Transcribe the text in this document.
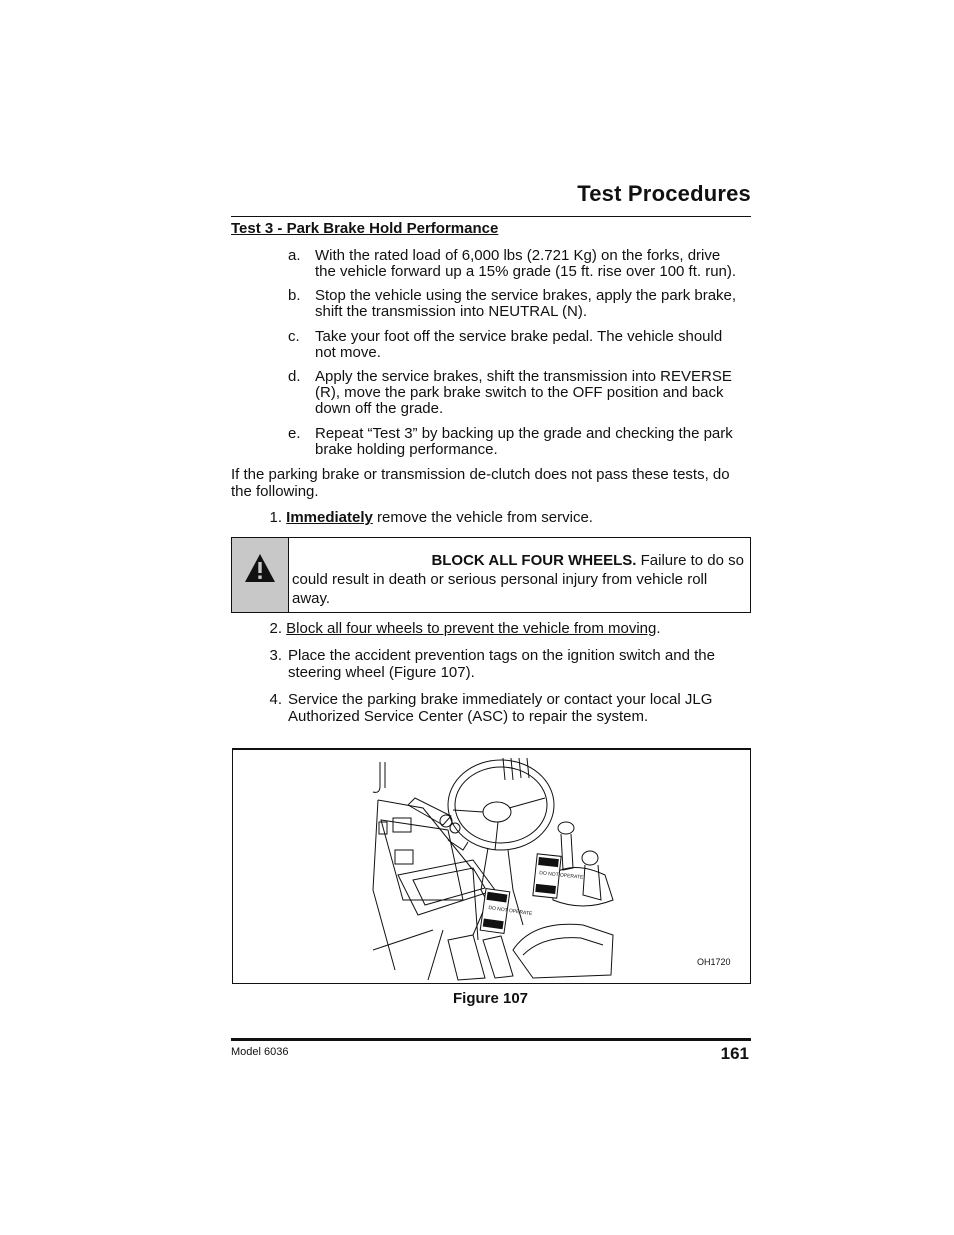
Test Procedures
Test 3 - Park Brake Hold Performance
a. With the rated load of 6,000 lbs (2.721 Kg) on the forks, drive
the vehicle forward up a 15% grade (15 ft. rise over 100 ft. run).
b. Stop the vehicle using the service brakes, apply the park brake,
shift the transmission into NEUTRAL (N).
c. Take your foot off the service brake pedal. The vehicle should
not move.
d. Apply the service brakes, shift the transmission into REVERSE
(R), move the park brake switch to the OFF position and back
down off the grade.
e. Repeat “Test 3” by backing up the grade and checking the park
brake holding performance.
If the parking brake or transmission de-clutch does not pass these tests, do
the following.
1. Immediately remove the vehicle from service.
BLOCK ALL FOUR WHEELS. Failure to do so
could result in death or serious personal injury from vehicle roll
away.
2. Block all four wheels to prevent the vehicle from moving.
3. Place the accident prevention tags on the ignition switch and the
steering wheel (Figure 107).
4. Service the parking brake immediately or contact your local JLG
Authorized Service Center (ASC) to repair the system.
DO NOT OPERATE
DO NOT OPERATE
OH1720
Figure 107
Model 6036	161
